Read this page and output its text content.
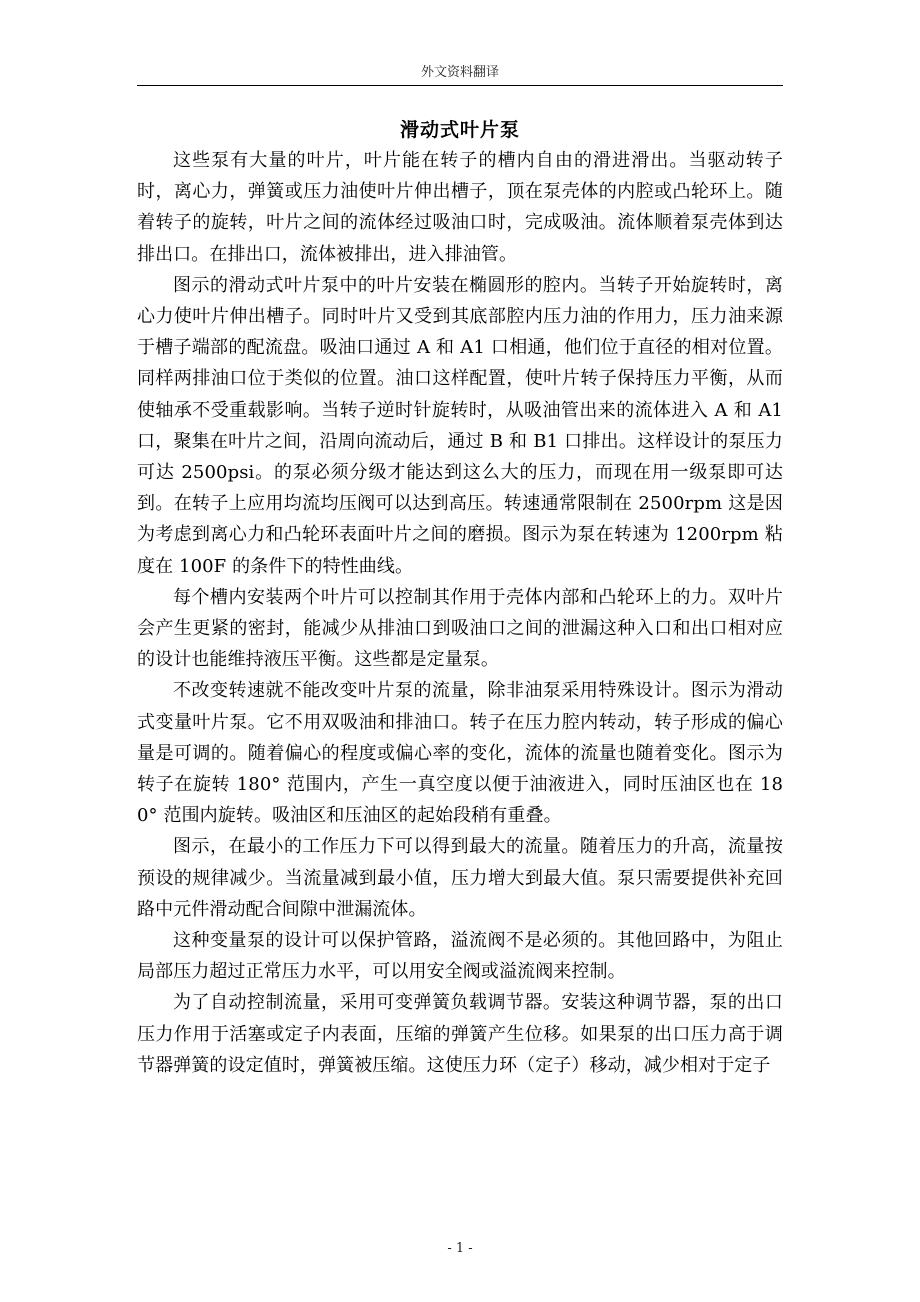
外文资料翻译
滑动式叶片泵

这些泵有大量的叶片，叶片能在转子的槽内自由的滑进滑出。当驱动转子时，离心力，弹簧或压力油使叶片伸出槽子，顶在泵壳体的内腔或凸轮环上。随着转子的旋转，叶片之间的流体经过吸油口时，完成吸油。流体顺着泵壳体到达排出口。在排出口，流体被排出，进入排油管。

图示的滑动式叶片泵中的叶片安装在椭圆形的腔内。当转子开始旋转时，离心力使叶片伸出槽子。同时叶片又受到其底部腔内压力油的作用力，压力油来源于槽子端部的配流盘。吸油口通过 A 和 A1 口相通，他们位于直径的相对位置。同样两排油口位于类似的位置。油口这样配置，使叶片转子保持压力平衡，从而使轴承不受重载影响。当转子逆时针旋转时，从吸油管出来的流体进入 A 和 A1 口，聚集在叶片之间，沿周向流动后，通过 B 和 B1 口排出。这样设计的泵压力可达 2500psi。的泵必须分级才能达到这么大的压力，而现在用一级泵即可达到。在转子上应用均流均压阀可以达到高压。转速通常限制在 2500rpm 这是因为考虑到离心力和凸轮环表面叶片之间的磨损。图示为泵在转速为 1200rpm 粘度在 100F 的条件下的特性曲线。

每个槽内安装两个叶片可以控制其作用于壳体内部和凸轮环上的力。双叶片会产生更紧的密封，能减少从排油口到吸油口之间的泄漏这种入口和出口相对应的设计也能维持液压平衡。这些都是定量泵。

不改变转速就不能改变叶片泵的流量，除非油泵采用特殊设计。图示为滑动式变量叶片泵。它不用双吸油和排油口。转子在压力腔内转动，转子形成的偏心量是可调的。随着偏心的程度或偏心率的变化，流体的流量也随着变化。图示为转子在旋转 180° 范围内，产生一真空度以便于油液进入，同时压油区也在 180° 范围内旋转。吸油区和压油区的起始段稍有重叠。

图示，在最小的工作压力下可以得到最大的流量。随着压力的升高，流量按预设的规律减少。当流量减到最小值，压力增大到最大值。泵只需要提供补充回路中元件滑动配合间隙中泄漏流体。

这种变量泵的设计可以保护管路，溢流阀不是必须的。其他回路中，为阻止局部压力超过正常压力水平，可以用安全阀或溢流阀来控制。

为了自动控制流量，采用可变弹簧负载调节器。安装这种调节器，泵的出口压力作用于活塞或定子内表面，压缩的弹簧产生位移。如果泵的出口压力高于调节器弹簧的设定值时，弹簧被压缩。这使压力环（定子）移动，减少相对于定子

- 1 -
